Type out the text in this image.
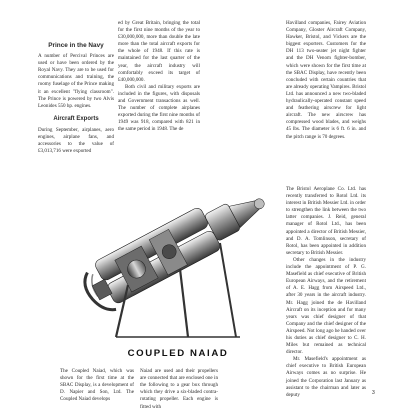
Prince in the Navy

A number of Percival Princes are used or have been ordered by the Royal Navy. They are to be used for communications and training, the roomy fuselage of the Prince making it an excellent "flying classroom". The Prince is powered by two Alvis Leonides 550 hp. engines.

Aircraft Exports

During September, airplanes, aero engines, airplane fans, and accessories to the value of £3,013,716 were exported

ed by Great Britain, bringing the total for the first nine months of the year to £30,000,000, more than double the late more than the total aircraft exports for the whole of 1948. If this rate is maintained for the last quarter of the year, the aircraft industry will comfortably exceed its target of £40,000,000.

Both civil and military exports are included in the figures, with disposals and Government transactions as well. The number of complete airplanes exported during the first nine months of 1949 was 918, compared with 821 in the same period in 1948. The de

Havilland companies, Fairey Aviation Company, Gloster Aircraft Company, Hawker, Bristol, and Vickers are the biggest exporters. Customers for the DH 113 two-seater jet night fighter and the DH Venom fighter-bomber, which were shown for the first time at the SBAC Display, have recently been concluded with certain countries that are already operating Vampires. Bristol Ltd. has announced a new two-bladed hydraulically-operated constant speed and feathering airscrew for light aircraft. The new airscrew has compressed wood blades, and weighs 45 lbs. The diameter is 6 ft. 6 in. and the pitch range is 70 degrees.

The Bristol Aeroplane Co. Ltd. has recently transferred to Rotol Ltd. its interest in British Messier Ltd. in order to strengthen the link between the two latter companies. J. Reid, general manager of Rotol Ltd., has been appointed a director of British Messier, and D. A. Tomlinson, secretary of Rotol, has been appointed in addition secretary to British Messier.

Other changes in the industry include the appointment of P. G. Masefield as chief executive of British European Airways, and the retirement of A. E. Hagg from Airspeed Ltd., after 30 years in the aircraft industry. Mr. Hagg joined the de Havilland Aircraft on its inception and for many years was chief designer of that Company and the chief designer of the Airspeed. Not long ago he handed over his duties as chief designer to C. H. Miles but remained as technical director.

Mr. Masefield's appointment as chief executive to British European Airways comes as no surprise. He joined the Corporation last January as assistant to the chairman and later as deputy

COUPLED NAIAD

The Coupled Naiad, which was shown for the first time at the SBAC Display, is a development of D. Napier and Son, Ltd. The Coupled Naiad develops

Naiad are used and their propellers are connected that are enclosed one in the following to a gear box through which they drive a six-bladed contra-rotating propeller. Each engine is fitted with

3
